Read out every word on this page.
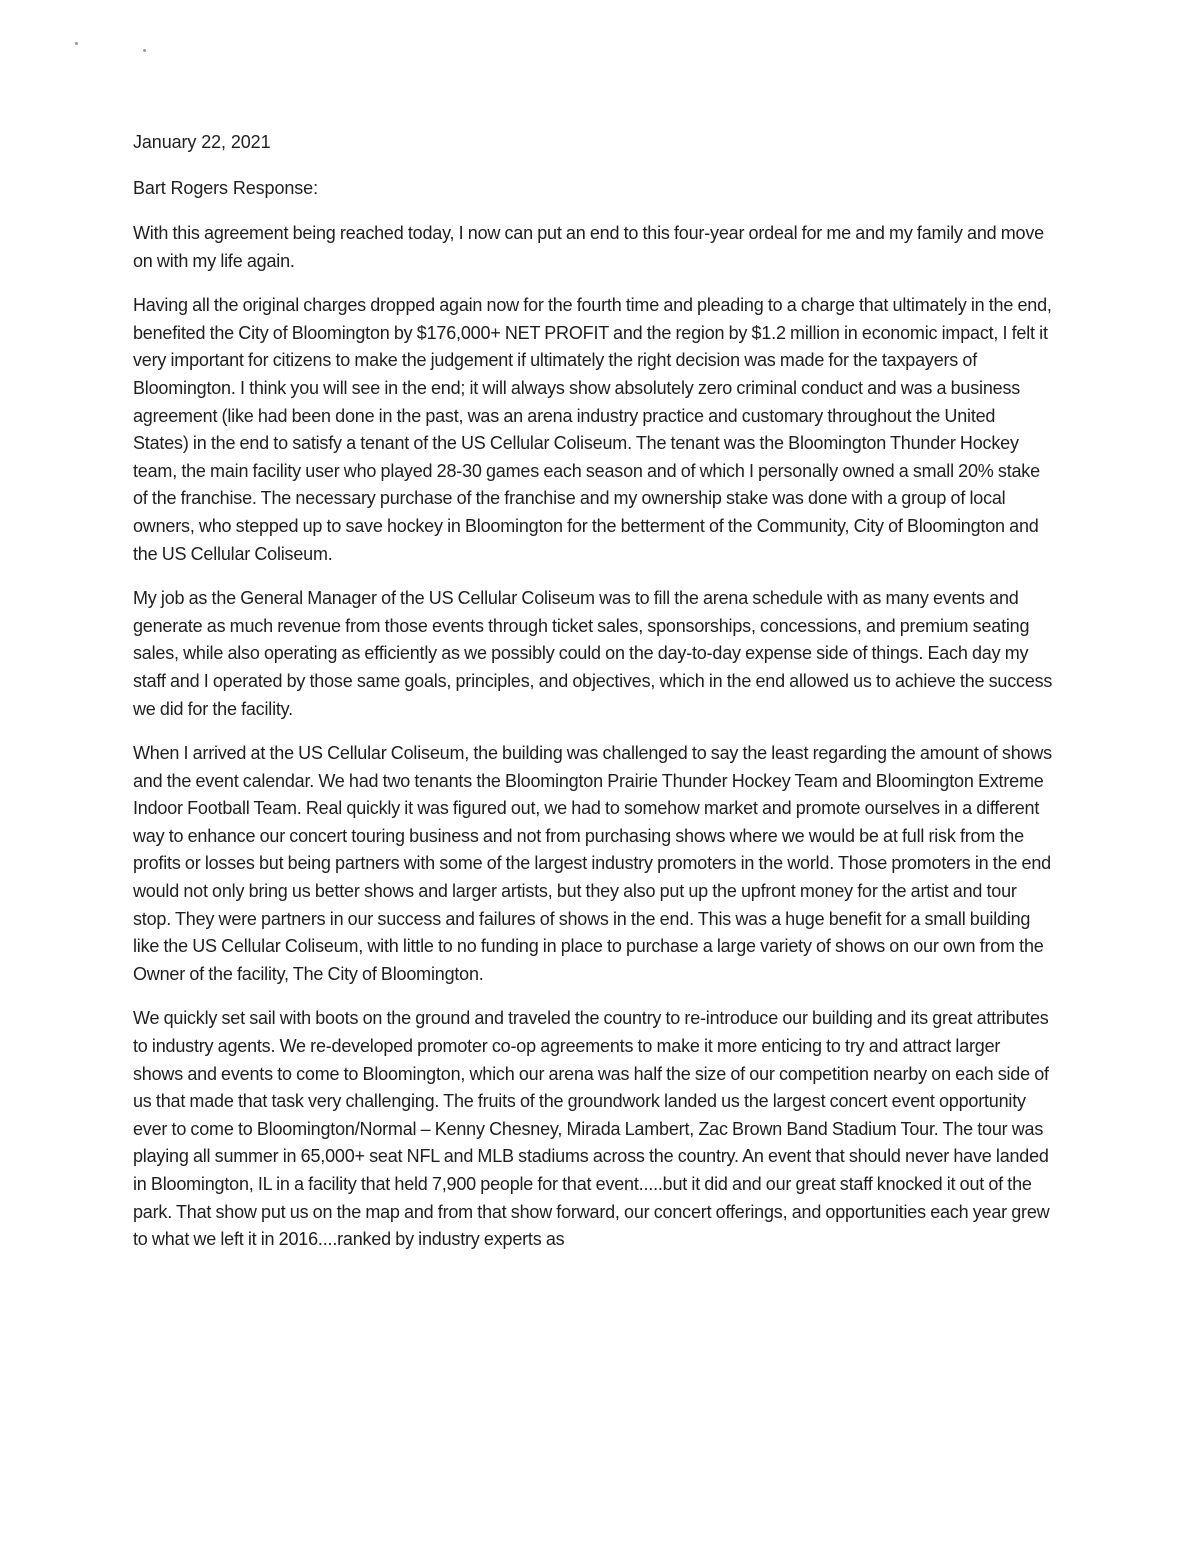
January 22, 2021

Bart Rogers Response:

With this agreement being reached today, I now can put an end to this four-year ordeal for me and my family and move on with my life again.

Having all the original charges dropped again now for the fourth time and pleading to a charge that ultimately in the end, benefited the City of Bloomington by $176,000+ NET PROFIT and the region by $1.2 million in economic impact, I felt it very important for citizens to make the judgement if ultimately the right decision was made for the taxpayers of Bloomington. I think you will see in the end; it will always show absolutely zero criminal conduct and was a business agreement (like had been done in the past, was an arena industry practice and customary throughout the United States) in the end to satisfy a tenant of the US Cellular Coliseum. The tenant was the Bloomington Thunder Hockey team, the main facility user who played 28-30 games each season and of which I personally owned a small 20% stake of the franchise. The necessary purchase of the franchise and my ownership stake was done with a group of local owners, who stepped up to save hockey in Bloomington for the betterment of the Community, City of Bloomington and the US Cellular Coliseum.

My job as the General Manager of the US Cellular Coliseum was to fill the arena schedule with as many events and generate as much revenue from those events through ticket sales, sponsorships, concessions, and premium seating sales, while also operating as efficiently as we possibly could on the day-to-day expense side of things. Each day my staff and I operated by those same goals, principles, and objectives, which in the end allowed us to achieve the success we did for the facility.

When I arrived at the US Cellular Coliseum, the building was challenged to say the least regarding the amount of shows and the event calendar. We had two tenants the Bloomington Prairie Thunder Hockey Team and Bloomington Extreme Indoor Football Team. Real quickly it was figured out, we had to somehow market and promote ourselves in a different way to enhance our concert touring business and not from purchasing shows where we would be at full risk from the profits or losses but being partners with some of the largest industry promoters in the world. Those promoters in the end would not only bring us better shows and larger artists, but they also put up the upfront money for the artist and tour stop. They were partners in our success and failures of shows in the end. This was a huge benefit for a small building like the US Cellular Coliseum, with little to no funding in place to purchase a large variety of shows on our own from the Owner of the facility, The City of Bloomington.

We quickly set sail with boots on the ground and traveled the country to re-introduce our building and its great attributes to industry agents. We re-developed promoter co-op agreements to make it more enticing to try and attract larger shows and events to come to Bloomington, which our arena was half the size of our competition nearby on each side of us that made that task very challenging. The fruits of the groundwork landed us the largest concert event opportunity ever to come to Bloomington/Normal – Kenny Chesney, Mirada Lambert, Zac Brown Band Stadium Tour. The tour was playing all summer in 65,000+ seat NFL and MLB stadiums across the country. An event that should never have landed in Bloomington, IL in a facility that held 7,900 people for that event.....but it did and our great staff knocked it out of the park. That show put us on the map and from that show forward, our concert offerings, and opportunities each year grew to what we left it in 2016....ranked by industry experts as
